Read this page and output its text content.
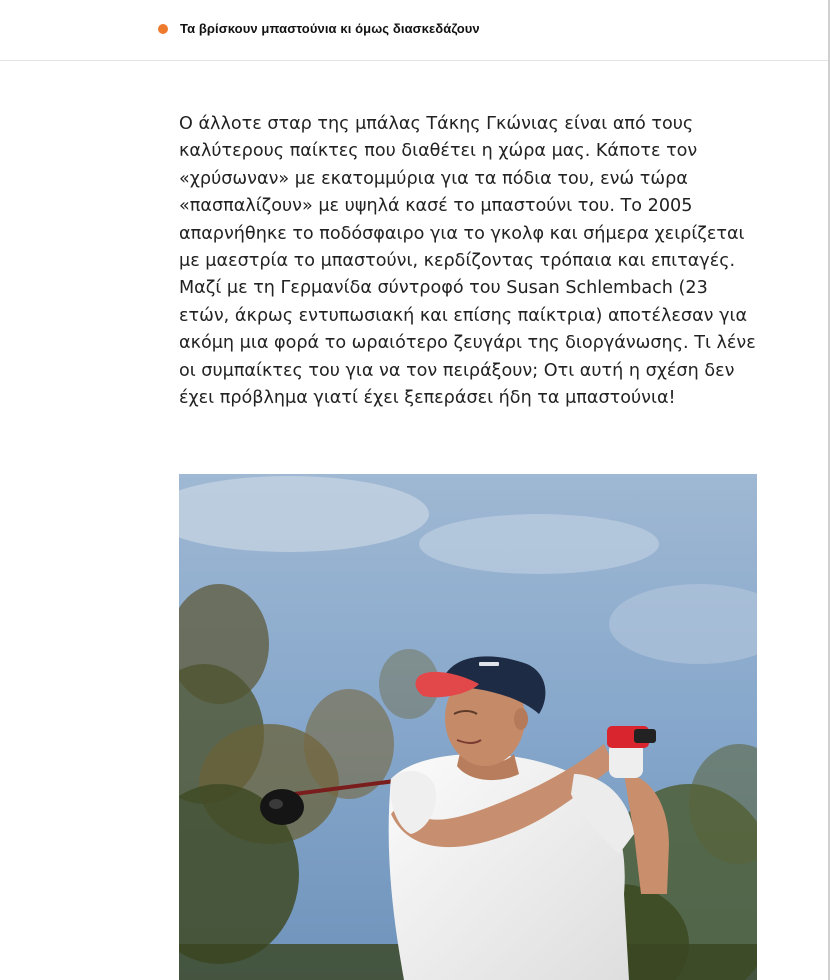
Τα βρίσκουν μπαστούνια κι όμως διασκεδάζουν

Ο άλλοτε σταρ της μπάλας Τάκης Γκώνιας είναι από τους καλύτερους παίκτες που διαθέτει η χώρα μας. Κάποτε τον «χρύσωναν» με εκατομμύρια για τα πόδια του, ενώ τώρα «πασπαλίζουν» με υψηλά κασέ το μπαστούνι του. Το 2005 απαρνήθηκε το ποδόσφαιρο για το γκολφ και σήμερα χειρίζεται με μαεστρία το μπαστούνι, κερδίζοντας τρόπαια και επιταγές. Μαζί με τη Γερμανίδα σύντροφό του Susan Schlembach (23 ετών, άκρως εντυπωσιακή και επίσης παίκτρια) αποτέλεσαν για ακόμη μια φορά το ωραιότερο ζευγάρι της διοργάνωσης. Τι λένε οι συμπαίκτες του για να τον πειράξουν; Οτι αυτή η σχέση δεν έχει πρόβλημα γιατί έχει ξεπεράσει ήδη τα μπαστούνια!
